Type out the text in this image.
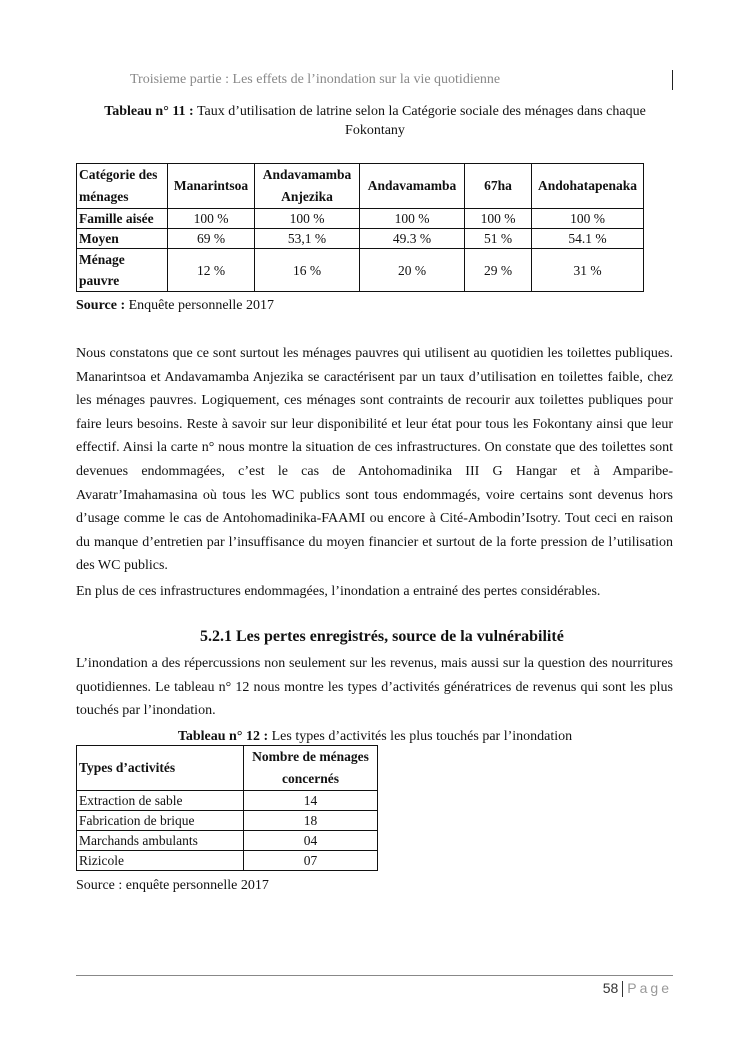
Troisieme partie : Les effets de l’inondation sur la vie quotidienne
Tableau n° 11 : Taux d’utilisation de latrine selon la Catégorie sociale des ménages dans chaque Fokontany
Catégorie des ménages	Manarintsoa	Andavamamba Anjezika	Andavamamba	67ha	Andohatapenaka
Famille aisée	100 %	100 %	100 %	100 %	100 %
Moyen	69 %	53,1 %	49.3 %	51 %	54.1 %
Ménage pauvre	12 %	16 %	20 %	29 %	31 %
Source : Enquête personnelle 2017
Nous constatons que ce sont surtout les ménages pauvres qui utilisent au quotidien les toilettes publiques. Manarintsoa et Andavamamba Anjezika se caractérisent par un taux d’utilisation en toilettes faible, chez les ménages pauvres. Logiquement, ces ménages sont contraints de recourir aux toilettes publiques pour faire leurs besoins. Reste à savoir sur leur disponibilité et leur état pour tous les Fokontany ainsi que leur effectif. Ainsi la carte n° nous montre la situation de ces infrastructures. On constate que des toilettes sont devenues endommagées, c’est le cas de Antohomadinika III G Hangar et à Amparibe-Avaratr’Imahamasina où tous les WC publics sont tous endommagés, voire certains sont devenus hors d’usage comme le cas de Antohomadinika-FAAMI ou encore à Cité-Ambodin’Isotry. Tout ceci en raison du manque d’entretien par l’insuffisance du moyen financier et surtout de la forte pression de l’utilisation des WC publics.
En plus de ces infrastructures endommagées, l’inondation a entrainé des pertes considérables.
5.2.1 Les pertes enregistrés, source de la vulnérabilité
L’inondation a des répercussions non seulement sur les revenus, mais aussi sur la question des nourritures quotidiennes. Le tableau n° 12 nous montre les types d’activités génératrices de revenus qui sont les plus touchés par l’inondation.
Tableau n° 12 : Les types d’activités les plus touchés par l’inondation
Types d’activités	Nombre de ménages concernés
Extraction de sable	14
Fabrication de brique	18
Marchands ambulants	04
Rizicole	07
Source : enquête personnelle 2017
58 Page
